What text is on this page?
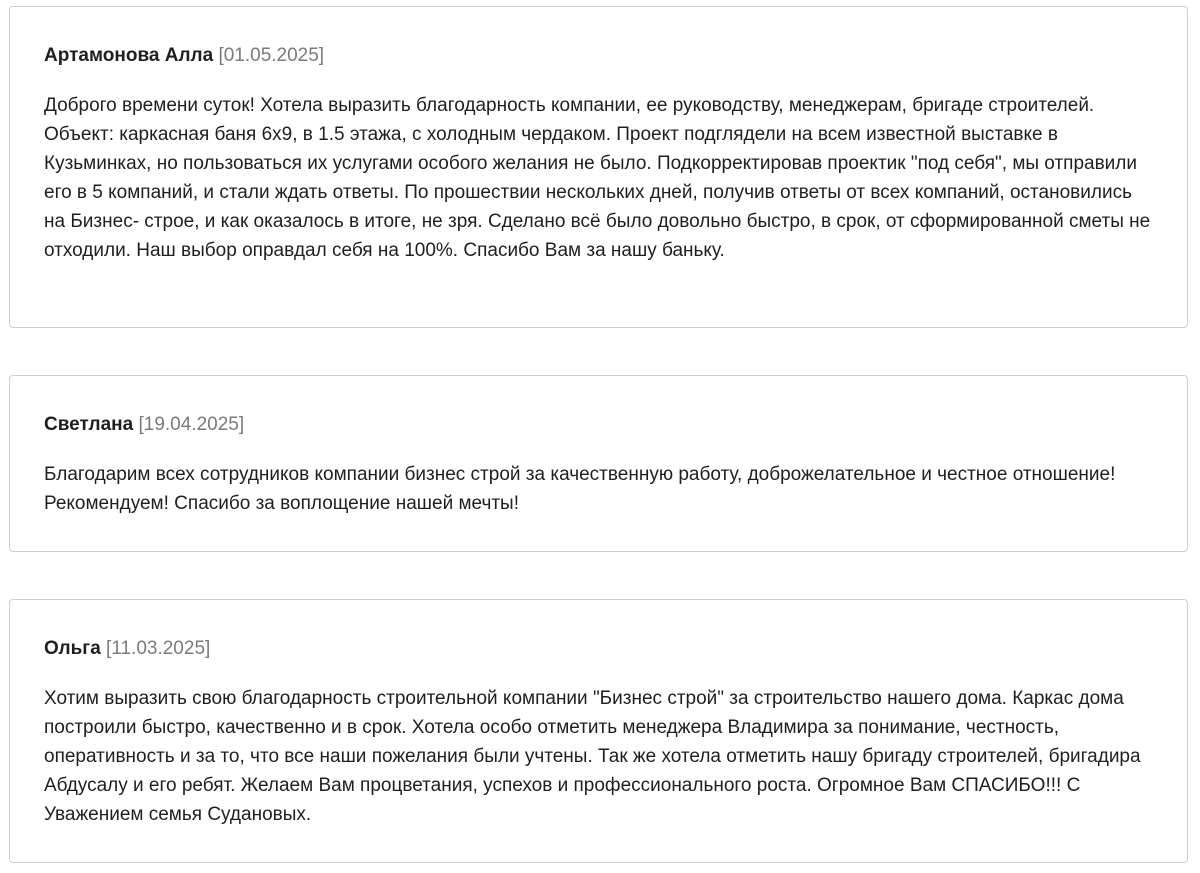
Артамонова Алла [01.05.2025]
Доброго времени суток! Хотела выразить благодарность компании, ее руководству, менеджерам, бригаде строителей. Объект: каркасная баня 6х9, в 1.5 этажа, с холодным чердаком. Проект подглядели на всем известной выставке в Кузьминках, но пользоваться их услугами особого желания не было. Подкорректировав проектик "под себя", мы отправили его в 5 компаний, и стали ждать ответы. По прошествии нескольких дней, получив ответы от всех компаний, остановились на Бизнес- строе, и как оказалось в итоге, не зря. Сделано всё было довольно быстро, в срок, от сформированной сметы не отходили. Наш выбор оправдал себя на 100%. Спасибо Вам за нашу баньку.
Светлана [19.04.2025]
Благодарим всех сотрудников компании бизнес строй за качественную работу, доброжелательное и честное отношение! Рекомендуем! Спасибо за воплощение нашей мечты!
Ольга [11.03.2025]
Хотим выразить свою благодарность строительной компании "Бизнес строй" за строительство нашего дома. Каркас дома построили быстро, качественно и в срок. Хотела особо отметить менеджера Владимира за понимание, честность, оперативность и за то, что все наши пожелания были учтены. Так же хотела отметить нашу бригаду строителей, бригадира Абдусалу и его ребят. Желаем Вам процветания, успехов и профессионального роста. Огромное Вам СПАСИБО!!! С Уважением семья Судановых.
